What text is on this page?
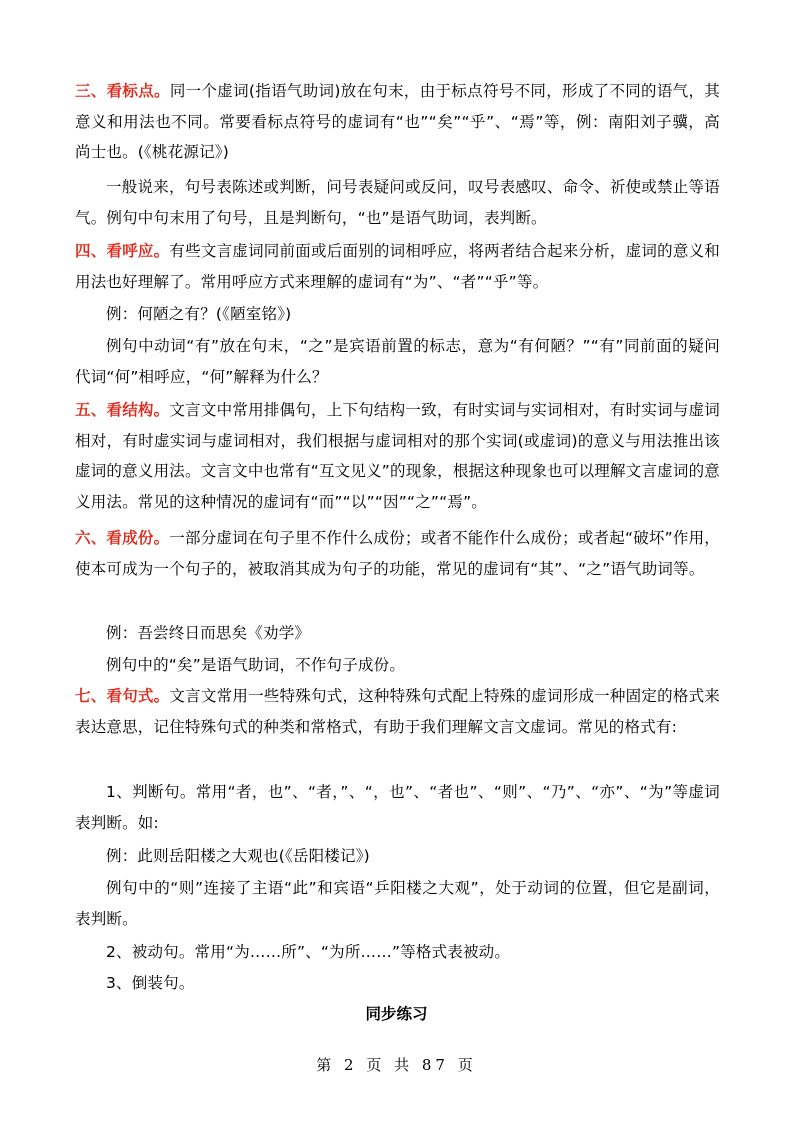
三、看标点。同一个虚词(指语气助词)放在句末，由于标点符号不同，形成了不同的语气，其意义和用法也不同。常要看标点符号的虚词有“也”“矣”“乎”、“焉”等，例：南阳刘子骥，高尚士也。(《桃花源记》)

一般说来，句号表陈述或判断，问号表疑问或反问，叹号表感叹、命令、祈使或禁止等语气。例句中句末用了句号，且是判断句，“也”是语气助词，表判断。

四、看呼应。有些文言虚词同前面或后面别的词相呼应，将两者结合起来分析，虚词的意义和用法也好理解了。常用呼应方式来理解的虚词有“为”、“者”“乎”等。

例：何陋之有？(《陋室铭》)

例句中动词“有”放在句末，“之”是宾语前置的标志，意为“有何陋？”“有”同前面的疑问代词“何”相呼应，“何”解释为什么？

五、看结构。文言文中常用排偶句，上下句结构一致，有时实词与实词相对，有时实词与虚词相对，有时虚实词与虚词相对，我们根据与虚词相对的那个实词(或虚词)的意义与用法推出该虚词的意义用法。文言文中也常有“互文见义”的现象，根据这种现象也可以理解文言虚词的意义用法。常见的这种情况的虚词有“而”“以”“因”“之”“焉”。

六、看成份。一部分虚词在句子里不作什么成份；或者不能作什么成份；或者起“破坏”作用，使本可成为一个句子的，被取消其成为句子的功能，常见的虚词有“其”、“之”语气助词等。

例：吾尝终日而思矣《劝学》

例句中的“矣”是语气助词，不作句子成份。

七、看句式。文言文常用一些特殊句式，这种特殊句式配上特殊的虚词形成一种固定的格式来表达意思，记住特殊句式的种类和常格式，有助于我们理解文言文虚词。常见的格式有:

1、判断句。常用“者，也”、“者，”、“，也”、“者也”、“则”、“乃”、“亦”、“为”等虚词表判断。如:

例：此则岳阳楼之大观也(《岳阳楼记》)

例句中的“则”连接了主语“此”和宾语“乒阳楼之大观”，处于动词的位置，但它是副词，表判断。

2、被动句。常用“为……所”、“为所……”等格式表被动。

3、倒装句。

同步练习
第 2 页 共 87 页
